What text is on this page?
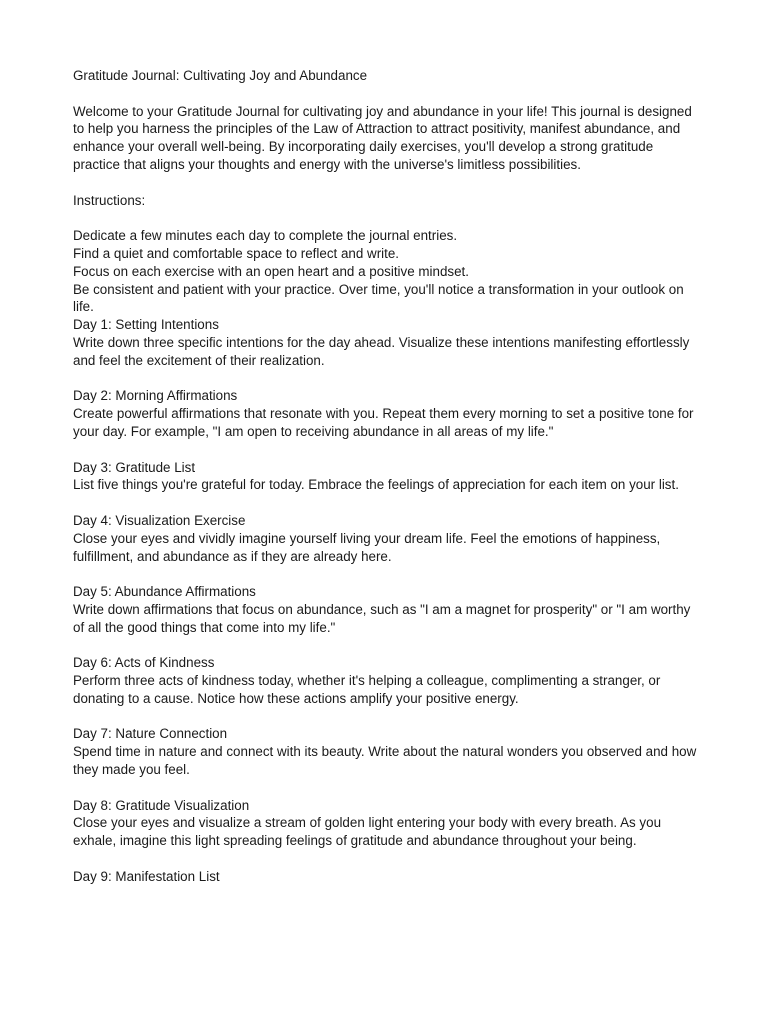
Gratitude Journal: Cultivating Joy and Abundance

Welcome to your Gratitude Journal for cultivating joy and abundance in your life! This journal is designed to help you harness the principles of the Law of Attraction to attract positivity, manifest abundance, and enhance your overall well-being. By incorporating daily exercises, you'll develop a strong gratitude practice that aligns your thoughts and energy with the universe's limitless possibilities.

Instructions:

Dedicate a few minutes each day to complete the journal entries.

Find a quiet and comfortable space to reflect and write.

Focus on each exercise with an open heart and a positive mindset.

Be consistent and patient with your practice. Over time, you'll notice a transformation in your outlook on life.

Day 1: Setting Intentions

Write down three specific intentions for the day ahead. Visualize these intentions manifesting effortlessly and feel the excitement of their realization.

Day 2: Morning Affirmations

Create powerful affirmations that resonate with you. Repeat them every morning to set a positive tone for your day. For example, "I am open to receiving abundance in all areas of my life."

Day 3: Gratitude List

List five things you're grateful for today. Embrace the feelings of appreciation for each item on your list.

Day 4: Visualization Exercise

Close your eyes and vividly imagine yourself living your dream life. Feel the emotions of happiness, fulfillment, and abundance as if they are already here.

Day 5: Abundance Affirmations

Write down affirmations that focus on abundance, such as "I am a magnet for prosperity" or "I am worthy of all the good things that come into my life."

Day 6: Acts of Kindness

Perform three acts of kindness today, whether it's helping a colleague, complimenting a stranger, or donating to a cause. Notice how these actions amplify your positive energy.

Day 7: Nature Connection

Spend time in nature and connect with its beauty. Write about the natural wonders you observed and how they made you feel.

Day 8: Gratitude Visualization

Close your eyes and visualize a stream of golden light entering your body with every breath. As you exhale, imagine this light spreading feelings of gratitude and abundance throughout your being.

Day 9: Manifestation List
